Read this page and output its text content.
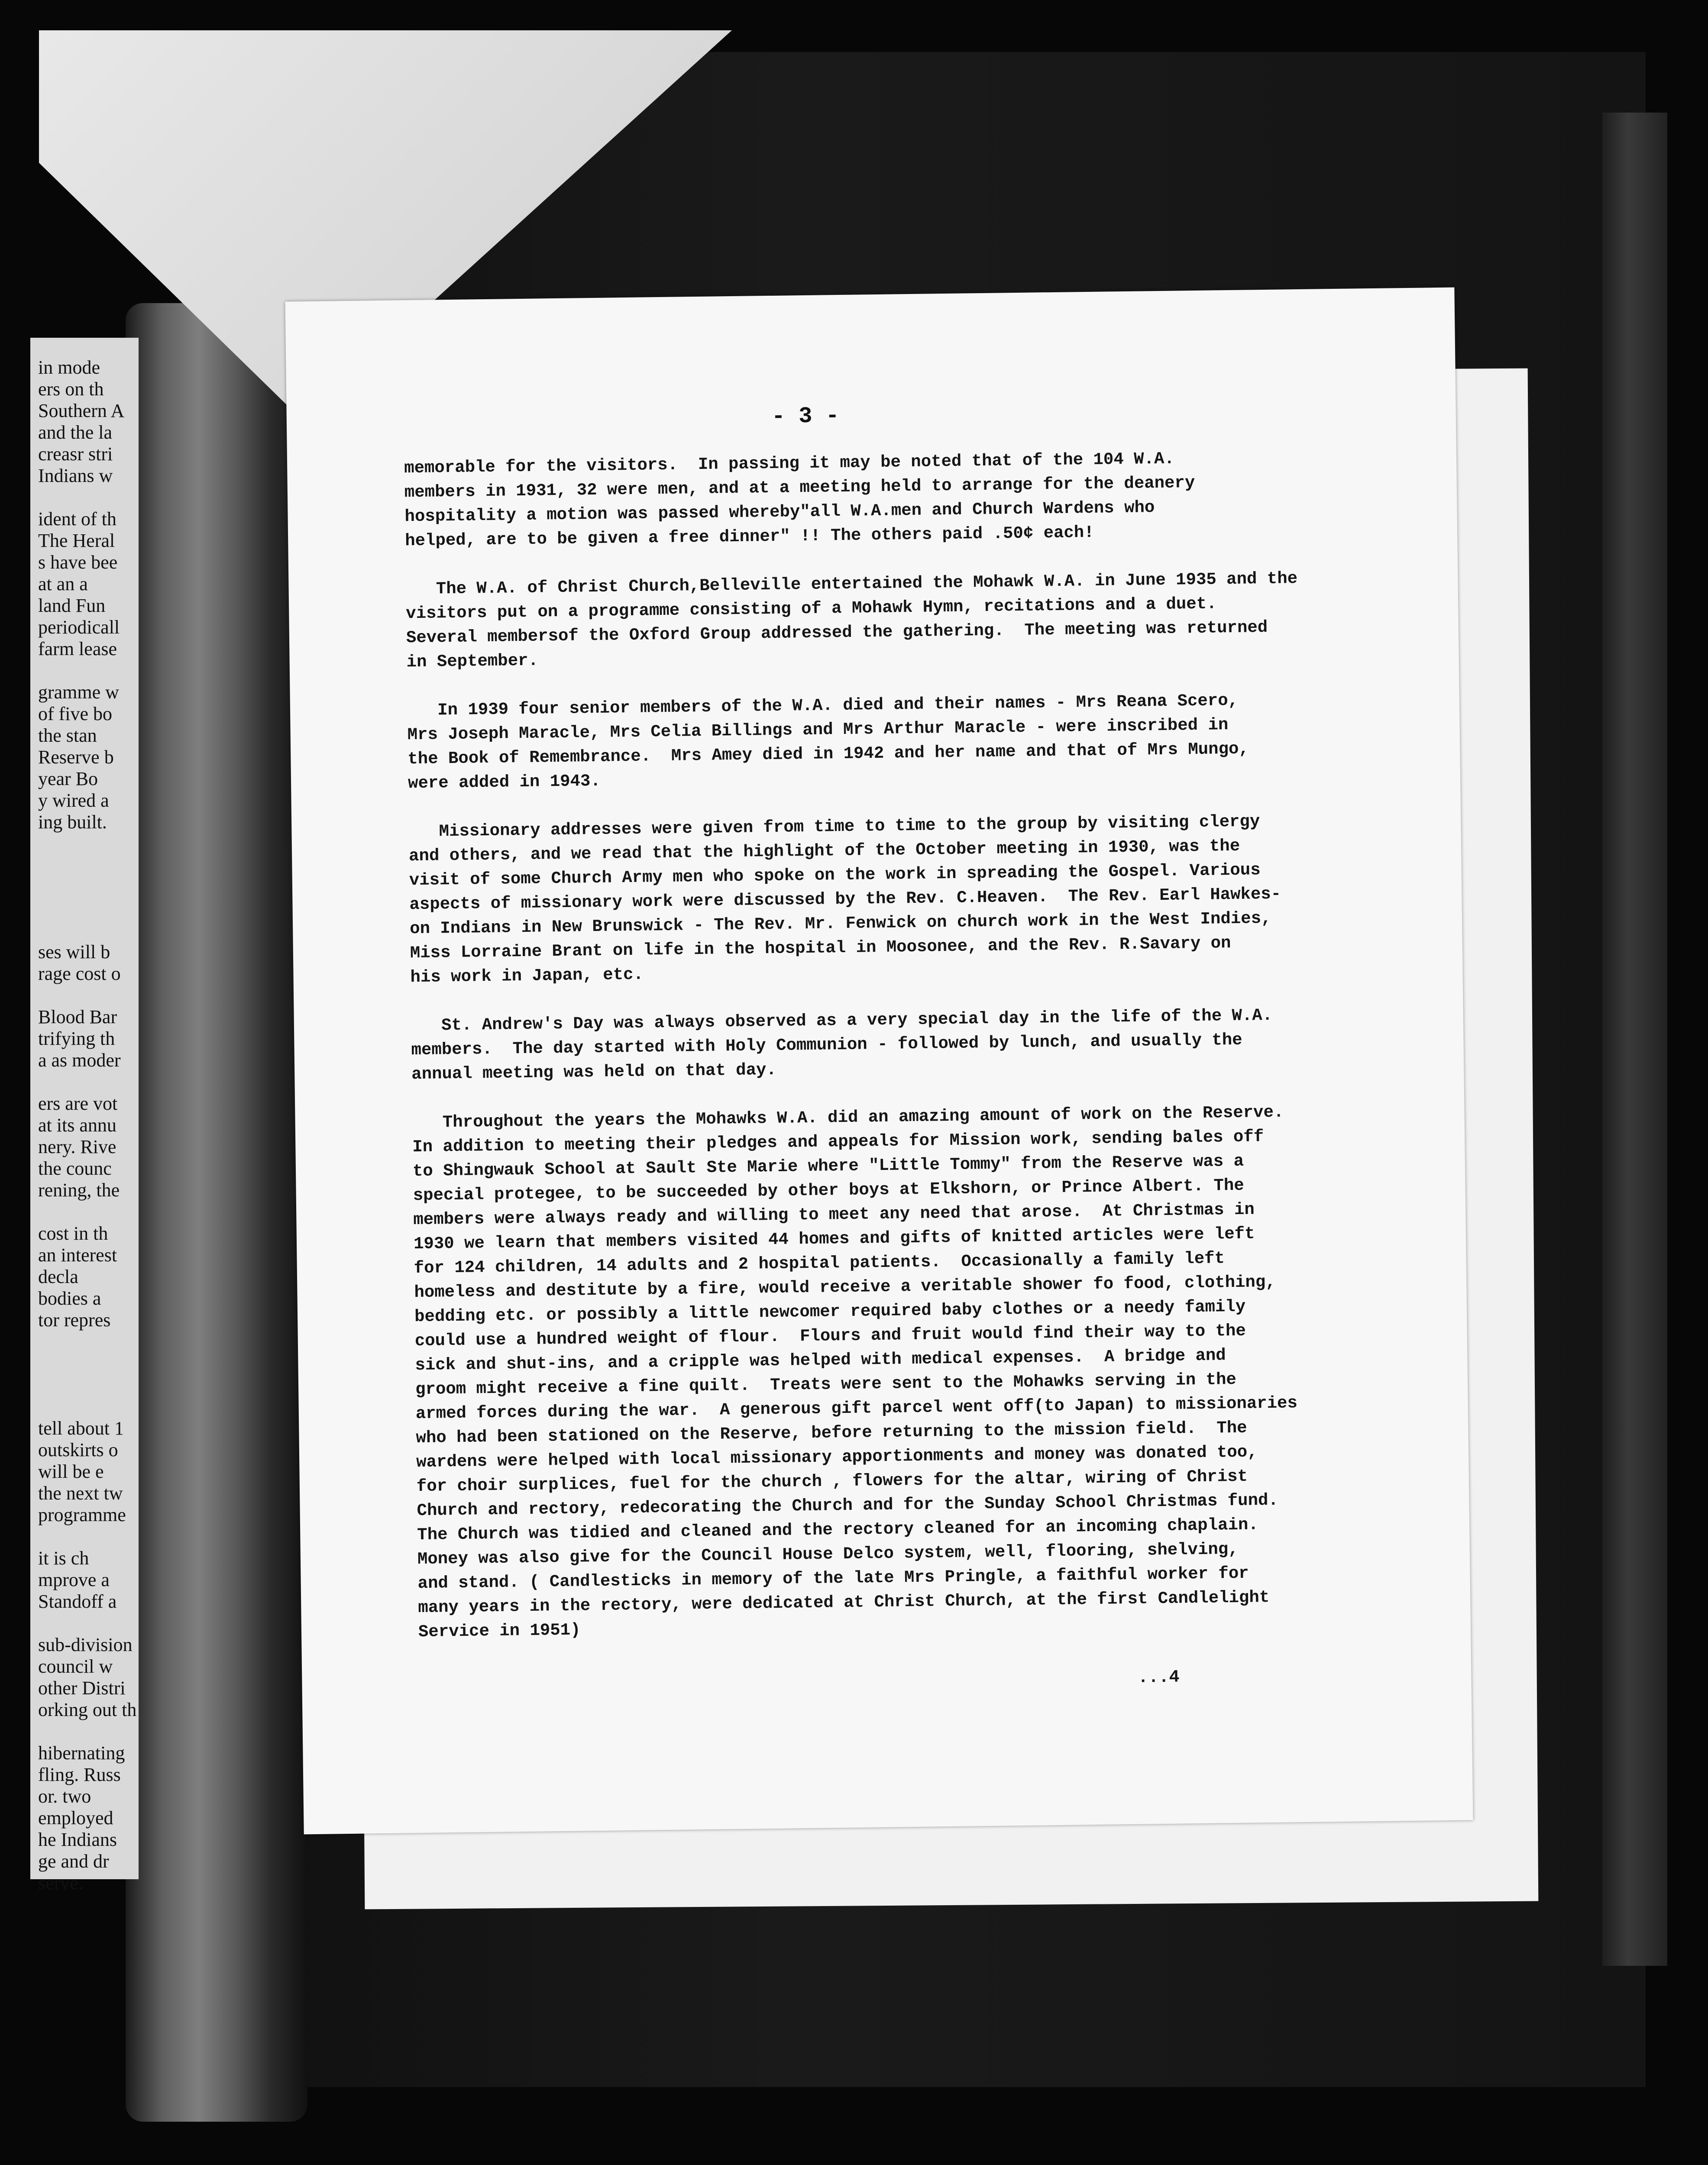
in mode
ers on th
Southern A
and the la
creasr stri
Indians w
ident of th
The Heral
s have bee
at an a
land Fun
periodicall
farm lease
gramme w
of five bo
the stan
Reserve b
year Bo
y wired a
ing built.
ses will b
rage cost o
Blood Bar
trifying th
a as moder
ers are vot
at its annu
nery. Rive
the counc
rening, the
cost in th
an interest
decla
bodies a
tor repres
tell about 1
outskirts o
will be e
the next tw
programme
it is ch
mprove a
Standoff a
sub-division
council w
other Distri
orking out th
hibernating
fling. Russ
or. two
employed
he Indians
ge and dr
serve.
- 3 -
memorable for the visitors.  In passing it may be noted that of the 104 W.A.
members in 1931, 32 were men, and at a meeting held to arrange for the deanery
hospitality a motion was passed whereby"all W.A.men and Church Wardens who
helped, are to be given a free dinner" !! The others paid .50¢ each!
The W.A. of Christ Church,Belleville entertained the Mohawk W.A. in June 1935 and the
visitors put on a programme consisting of a Mohawk Hymn, recitations and a duet.
Several membersof the Oxford Group addressed the gathering.  The meeting was returned
in September.
In 1939 four senior members of the W.A. died and their names - Mrs Reana Scero,
Mrs Joseph Maracle, Mrs Celia Billings and Mrs Arthur Maracle - were inscribed in
the Book of Remembrance.  Mrs Amey died in 1942 and her name and that of Mrs Mungo,
were added in 1943.
Missionary addresses were given from time to time to the group by visiting clergy
and others, and we read that the highlight of the October meeting in 1930, was the
visit of some Church Army men who spoke on the work in spreading the Gospel. Various
aspects of missionary work were discussed by the Rev. C.Heaven.  The Rev. Earl Hawkes-
on Indians in New Brunswick - The Rev. Mr. Fenwick on church work in the West Indies,
Miss Lorraine Brant on life in the hospital in Moosonee, and the Rev. R.Savary on
his work in Japan, etc.
St. Andrew's Day was always observed as a very special day in the life of the W.A.
members.  The day started with Holy Communion - followed by lunch, and usually the
annual meeting was held on that day.
Throughout the years the Mohawks W.A. did an amazing amount of work on the Reserve.
In addition to meeting their pledges and appeals for Mission work, sending bales off
to Shingwauk School at Sault Ste Marie where "Little Tommy" from the Reserve was a
special protegee, to be succeeded by other boys at Elkshorn, or Prince Albert. The
members were always ready and willing to meet any need that arose.  At Christmas in
1930 we learn that members visited 44 homes and gifts of knitted articles were left
for 124 children, 14 adults and 2 hospital patients.  Occasionally a family left
homeless and destitute by a fire, would receive a veritable shower fo food, clothing,
bedding etc. or possibly a little newcomer required baby clothes or a needy family
could use a hundred weight of flour.  Flours and fruit would find their way to the
sick and shut-ins, and a cripple was helped with medical expenses.  A bridge and
groom might receive a fine quilt.  Treats were sent to the Mohawks serving in the
armed forces during the war.  A generous gift parcel went off(to Japan) to missionaries
who had been stationed on the Reserve, before returning to the mission field.  The
wardens were helped with local missionary apportionments and money was donated too,
for choir surplices, fuel for the church , flowers for the altar, wiring of Christ
Church and rectory, redecorating the Church and for the Sunday School Christmas fund.
The Church was tidied and cleaned and the rectory cleaned for an incoming chaplain.
Money was also give for the Council House Delco system, well, flooring, shelving,
and stand. ( Candlesticks in memory of the late Mrs Pringle, a faithful worker for
many years in the rectory, were dedicated at Christ Church, at the first Candlelight
Service in 1951)
...4
